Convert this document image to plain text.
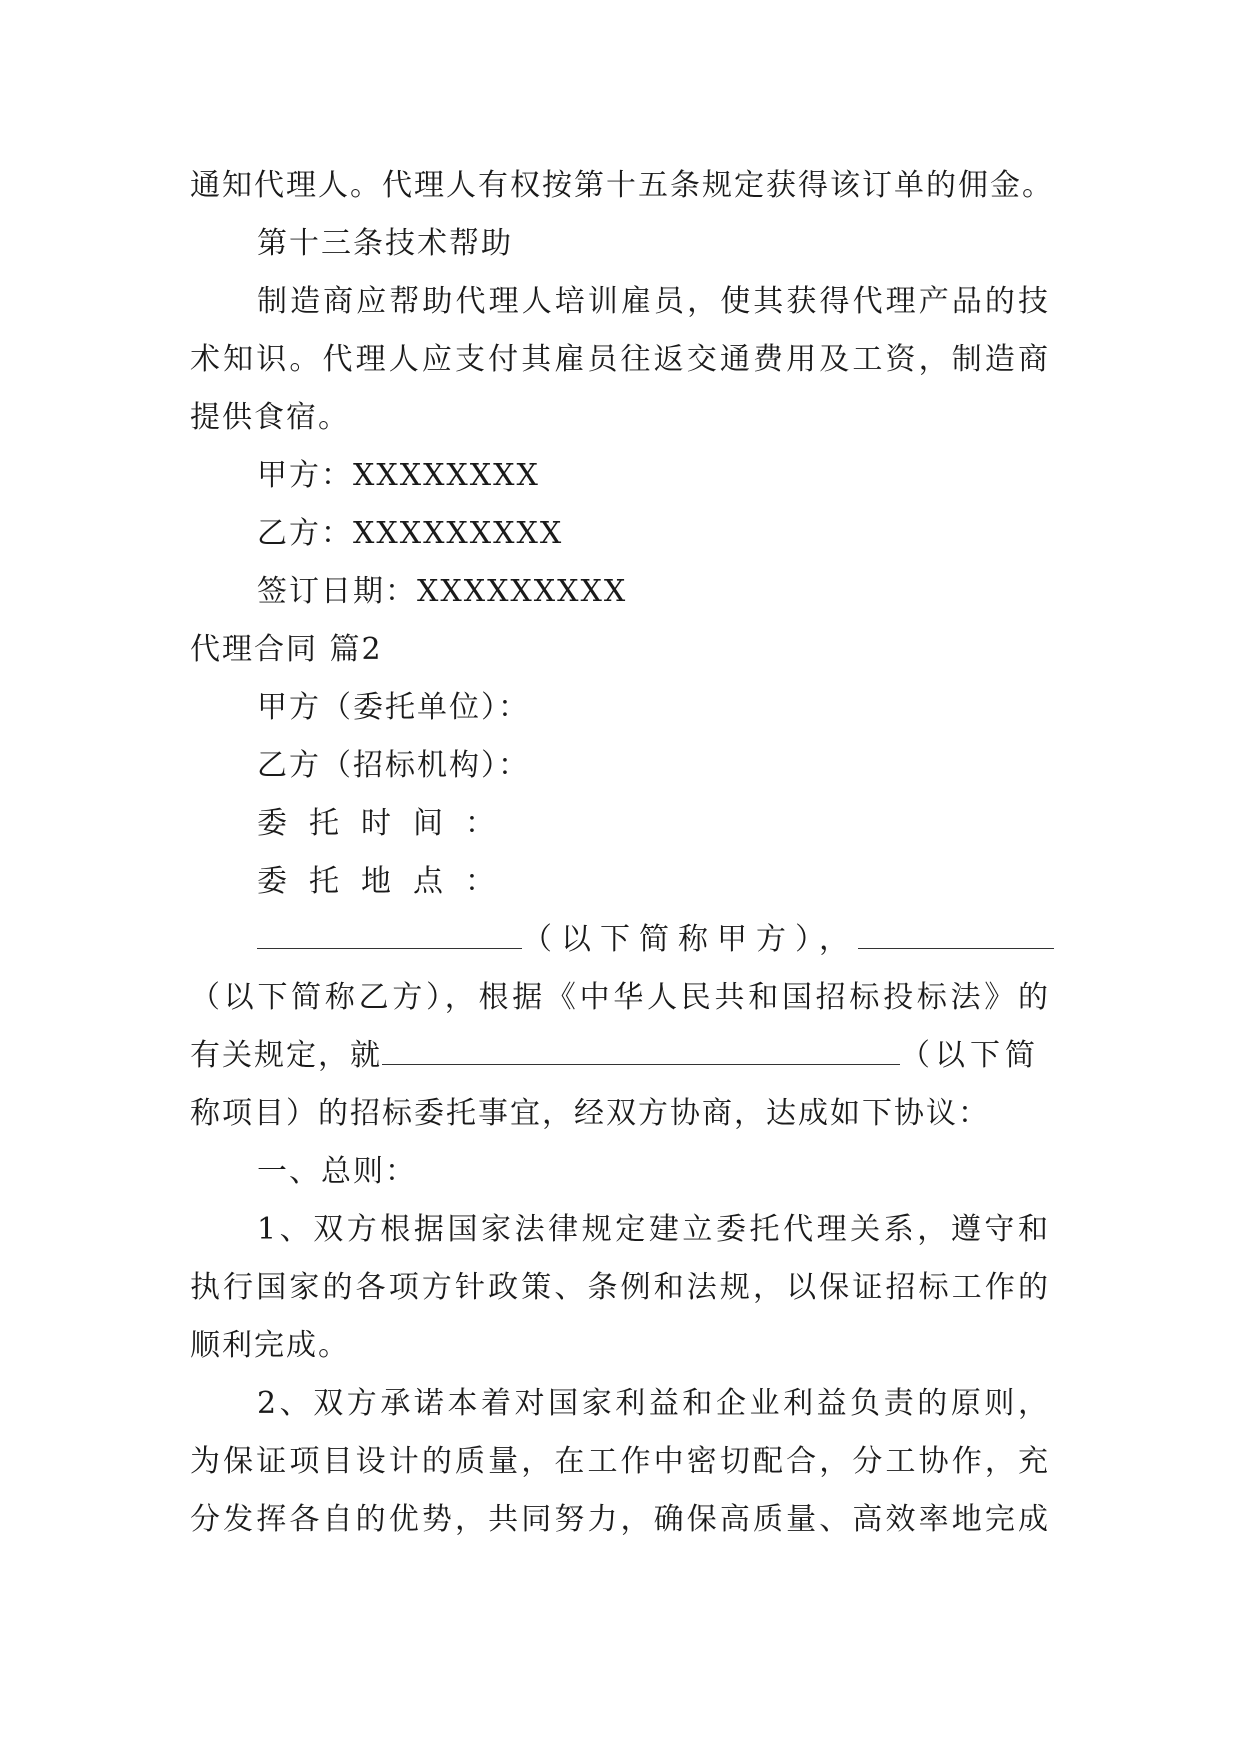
通知代理人。代理人有权按第十五条规定获得该订单的佣金。
第十三条技术帮助
制造商应帮助代理人培训雇员，使其获得代理产品的技
术知识。代理人应支付其雇员往返交通费用及工资，制造商
提供食宿。
甲方：XXXXXXXX
乙方：XXXXXXXXX
签订日期：XXXXXXXXX
代理合同 篇2
甲方（委托单位）：
乙方（招标机构）：
委托时间：
委托地点：
（以下简称甲方），
（以下简称乙方），根据《中华人民共和国招标投标法》的
有关规定，就	（以下简
称项目）的招标委托事宜，经双方协商，达成如下协议：
一、总则：
1、双方根据国家法律规定建立委托代理关系，遵守和
执行国家的各项方针政策、条例和法规，以保证招标工作的
顺利完成。
2、双方承诺本着对国家利益和企业利益负责的原则，
为保证项目设计的质量，在工作中密切配合，分工协作，充
分发挥各自的优势，共同努力，确保高质量、高效率地完成
